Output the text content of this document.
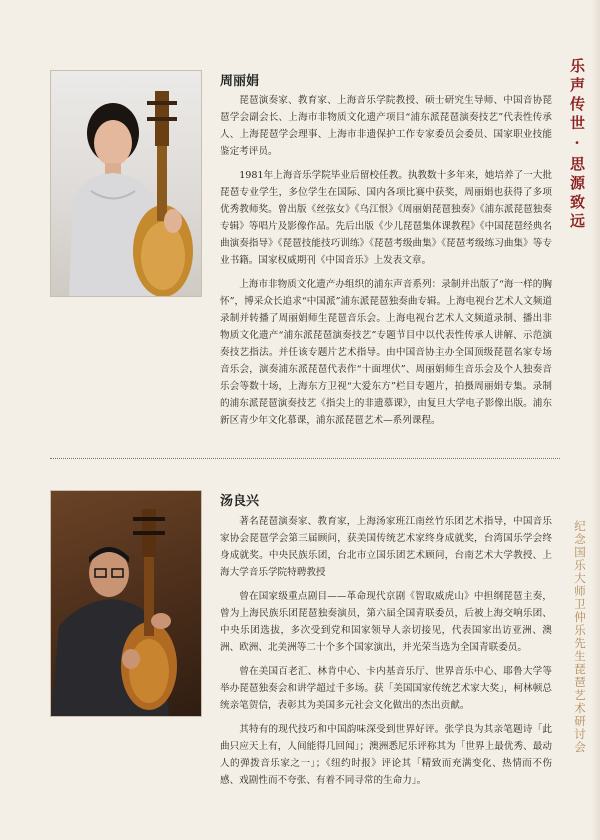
乐声传世·思源致远
纪念国乐大师卫仲乐先生琵琶艺术研讨会
周丽娟

琵琶演奏家、教育家、上海音乐学院教授、硕士研究生导师、中国音协琵琶学会副会长、上海市非物质文化遗产项目“浦东派琵琶演奏技艺”代表性传承人、上海琵琶学会理事、上海市非遗保护工作专家委员会委员、国家职业技能鉴定考评员。

1981年上海音乐学院毕业后留校任教。执教数十多年来，她培养了一大批琵琶专业学生，多位学生在国际、国内各项比赛中获奖，周丽娟也获得了多项优秀教师奖。曾出版《丝弦女》《乌江恨》《周丽娟琵琶独奏》《浦东派琵琶独奏专辑》等唱片及影像作品。先后出版《少儿琵琶集体课教程》《中国琵琶经典名曲演奏指导》《琵琶技能技巧训练》《琵琶考级曲集》《琵琶考级练习曲集》等专业书籍。国家权威期刊《中国音乐》上发表文章。

上海市非物质文化遗产办组织的浦东声音系列：录制并出版了“海一样的胸怀”，博采众长追求“中国派”浦东派琵琶独奏曲专辑。上海电视台艺术人文频道录制并转播了周丽娟师生琵琶音乐会。上海电视台艺术人文频道录制、播出非物质文化遗产“浦东派琵琶演奏技艺”专题节目中以代表性传承人讲解、示范演奏技艺指法。并任该专题片艺术指导。由中国音协主办全国顶级琵琶名家专场音乐会，演奏浦东派琵琶代表作“十面埋伏”、周丽娟师生音乐会及个人独奏音乐会等数十场，上海东方卫视“大爱东方”栏目专题片，拍摄周丽娟专集。录制的浦东派琵琶演奏技艺《指尖上的非遗慕课》，由复旦大学电子影像出版。浦东新区青少年文化慕课，浦东派琵琶艺术—系列课程。

汤良兴

著名琵琶演奏家、教育家，上海汤家班江南丝竹乐团艺术指导，中国音乐家协会琵琶学会第三届顾问，获美国传统艺术家终身成就奖，台湾国乐学会终身成就奖。中央民族乐团，台北市立国乐团艺术顾问，台南艺术大学教授、上海大学音乐学院特聘教授

曾在国家级重点剧目——革命现代京剧《智取威虎山》中担纲琵琶主奏，曾为上海民族乐团琵琶独奏演员，第六届全国青联委员，后被上海交响乐团、中央乐团选拔，多次受到党和国家领导人亲切接见，代表国家出访亚洲、澳洲、欧洲、北美洲等二十个多个国家演出，并光荣当选为全国青联委员。

曾在美国百老汇、林肯中心、卡内基音乐厅、世界音乐中心、耶鲁大学等举办琵琶独奏会和讲学超过千多场。获「美国国家传统艺术家大奖」，柯林顿总统亲笔贺信，表彰其为美国多元社会文化做出的杰出贡献。

其特有的现代技巧和中国韵味深受到世界好评。张学良为其亲笔题诗「此曲只应天上有，人间能得几回闻」；澳洲悉尼乐评称其为「世界上最优秀、最动人的弹拨音乐家之一」；《纽约时报》评论其「精致而充满变化、热情而不伤感、戏剧性而不夸张、有着不同寻常的生命力」。
